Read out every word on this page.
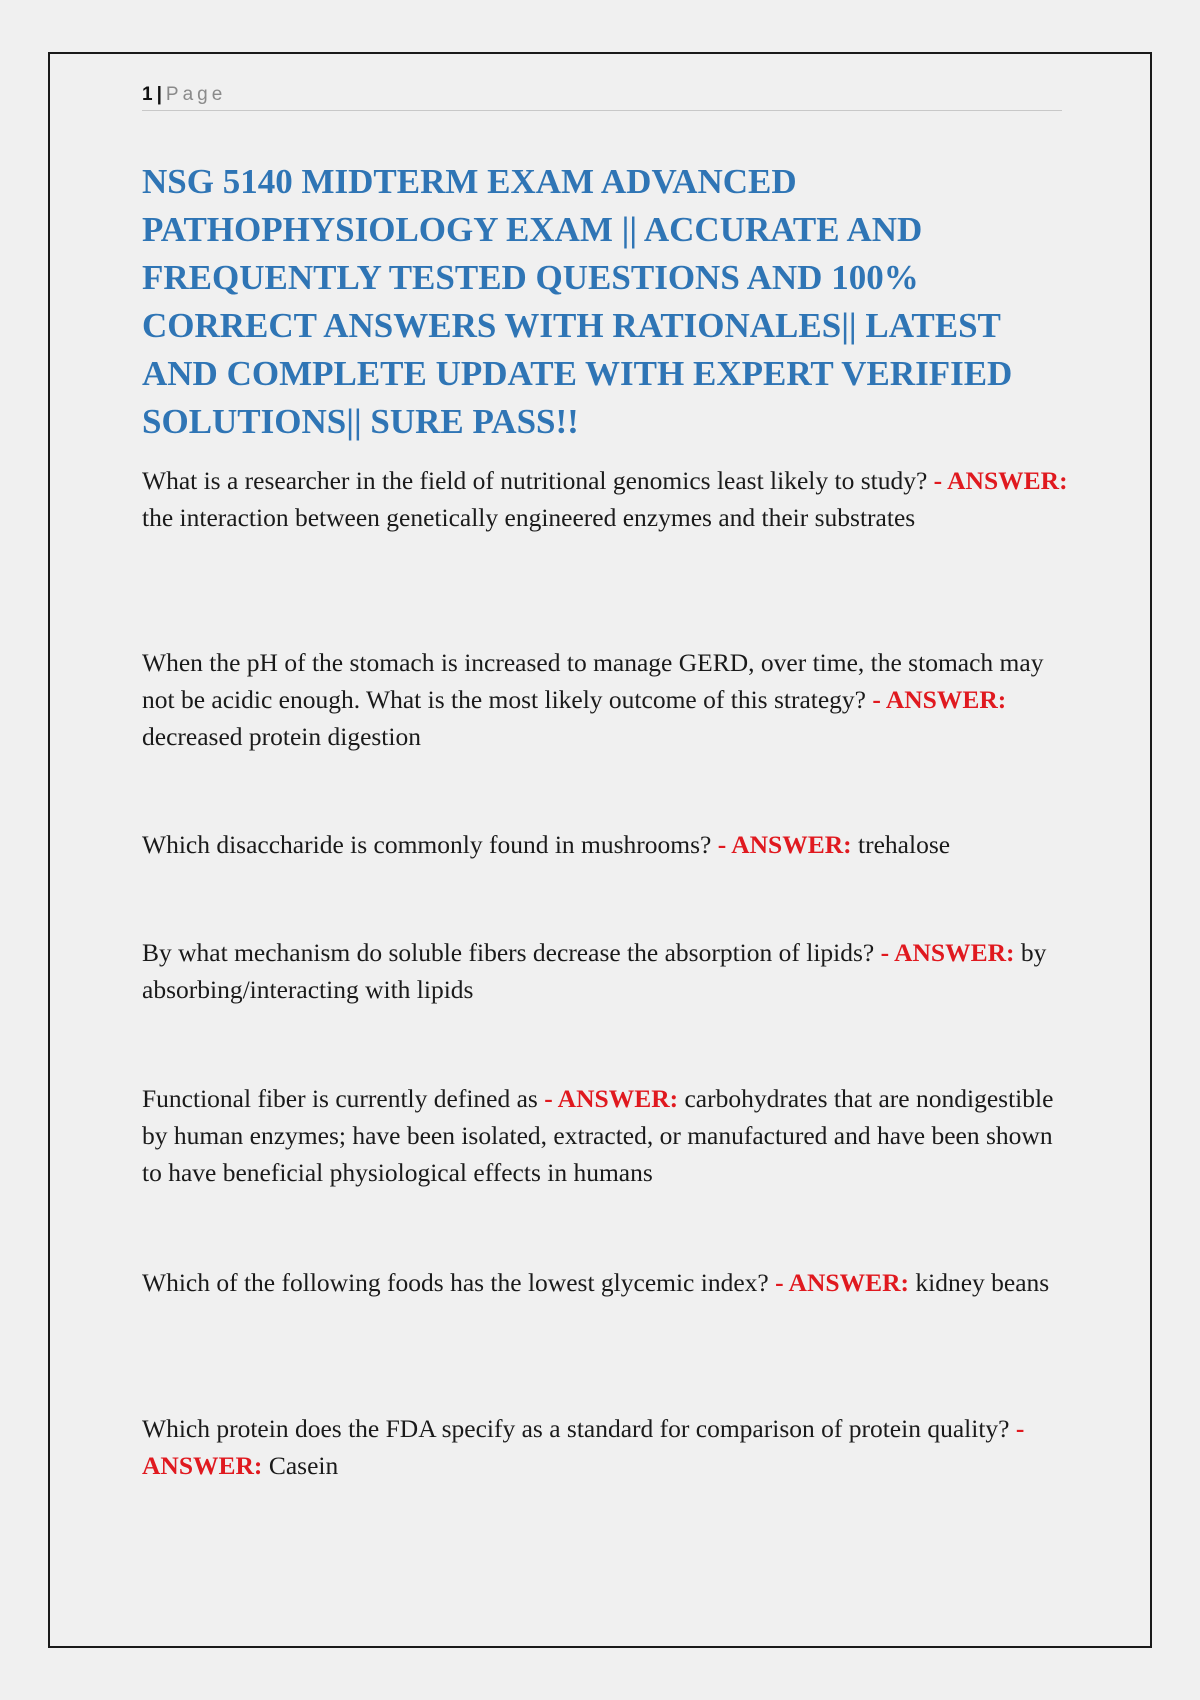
1 | Page
NSG 5140 MIDTERM EXAM ADVANCED PATHOPHYSIOLOGY EXAM || ACCURATE AND FREQUENTLY TESTED QUESTIONS AND 100% CORRECT ANSWERS WITH RATIONALES|| LATEST AND COMPLETE UPDATE WITH EXPERT VERIFIED SOLUTIONS|| SURE PASS!!

What is a researcher in the field of nutritional genomics least likely to study? - ANSWER: the interaction between genetically engineered enzymes and their substrates

When the pH of the stomach is increased to manage GERD, over time, the stomach may not be acidic enough. What is the most likely outcome of this strategy? - ANSWER: decreased protein digestion

Which disaccharide is commonly found in mushrooms? - ANSWER: trehalose

By what mechanism do soluble fibers decrease the absorption of lipids? - ANSWER: by absorbing/interacting with lipids

Functional fiber is currently defined as - ANSWER: carbohydrates that are nondigestible by human enzymes; have been isolated, extracted, or manufactured and have been shown to have beneficial physiological effects in humans

Which of the following foods has the lowest glycemic index? - ANSWER: kidney beans

Which protein does the FDA specify as a standard for comparison of protein quality? - ANSWER: Casein
